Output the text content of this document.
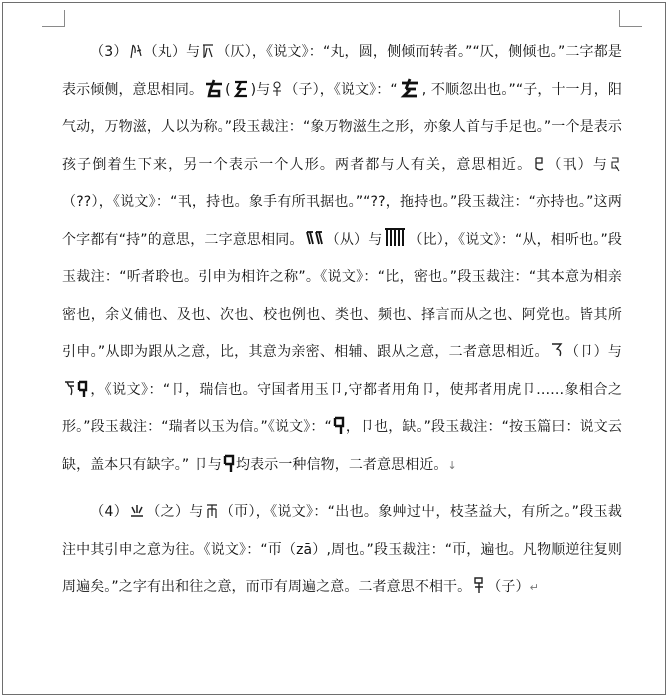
（3） （丸）与 （仄），《说文》：“丸，圆，侧倾而转者。”“仄，侧倾也。”二字都是表示倾侧，意思相同。 ( )与 （子），《说文》：“ , 不顺忽出也。”“子，十一月，阳气动，万物滋，人以为称。”段玉裁注：“象万物滋生之形，亦象人首与手足也。”一个是表示孩子倒着生下来，另一个表示一个人形。两者都与人有关，意思相近。 （丮）与
（??），《说文》：“丮，持也。象手有所丮据也。”“??，拖持也。”段玉裁注：“亦持也。”这两个字都有“持”的意思，二字意思相同。 （从）与 （比），《说文》：“从，相听也。”段玉裁注：“听者聆也。引申为相许之称”。《说文》：“比，密也。”段玉裁注：“其本意为相亲密也，余义俌也、及也、次也、校也例也、类也、频也、择言而从之也、阿党也。皆其所引申。”从即为跟从之意，比，其意为亲密、相辅、跟从之意，二者意思相近。 （卩）与
，《说文》：“卩，瑞信也。守国者用玉卩,守都者用角卩，使邦者用虎卩……象相合之形。”段玉裁注：“瑞者以玉为信。”《说文》：“ ，卩也，缺。”段玉裁注：“按玉篇曰：说文云缺，盖本只有缺字。” 卩与 均表示一种信物，二者意思相近。↓

（4） （之）与 （帀），《说文》：“出也。象艸过屮，枝茎益大，有所之。”段玉裁注中其引申之意为往。《说文》：“帀（zā）,周也。”段玉裁注：“帀，遍也。凡物顺逆往复则周遍矣。”之字有出和往之意，而帀有周遍之意。二者意思不相干。 （子）↵
